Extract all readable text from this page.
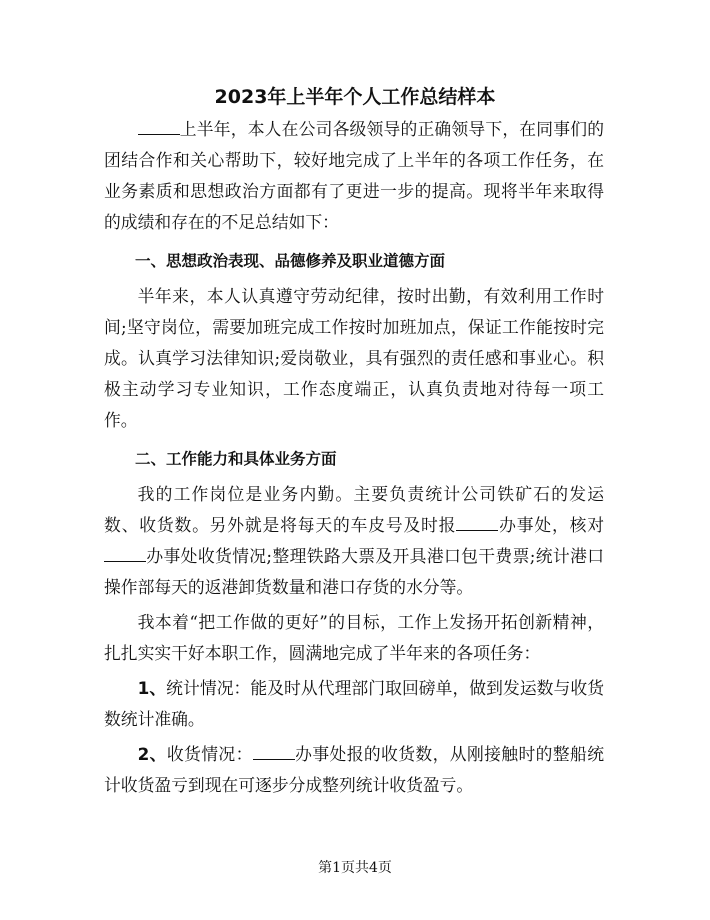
2023年上半年个人工作总结样本

上半年，本人在公司各级领导的正确领导下，在同事们的团结合作和关心帮助下，较好地完成了上半年的各项工作任务，在业务素质和思想政治方面都有了更进一步的提高。现将半年来取得的成绩和存在的不足总结如下：

一、思想政治表现、品德修养及职业道德方面

半年来，本人认真遵守劳动纪律，按时出勤，有效利用工作时间;坚守岗位，需要加班完成工作按时加班加点，保证工作能按时完成。认真学习法律知识;爱岗敬业，具有强烈的责任感和事业心。积极主动学习专业知识，工作态度端正，认真负责地对待每一项工作。

二、工作能力和具体业务方面

我的工作岗位是业务内勤。主要负责统计公司铁矿石的发运数、收货数。另外就是将每天的车皮号及时报	办事处，核对办事处收货情况;整理铁路大票及开具港口包干费票;统计港口操作部每天的返港卸货数量和港口存货的水分等。

我本着“把工作做的更好”的目标，工作上发扬开拓创新精神，扎扎实实干好本职工作，圆满地完成了半年来的各项任务：

1、统计情况：能及时从代理部门取回磅单，做到发运数与收货数统计准确。

2、收货情况：	办事处报的收货数，从刚接触时的整船统计收货盈亏到现在可逐步分成整列统计收货盈亏。

第1页共4页
